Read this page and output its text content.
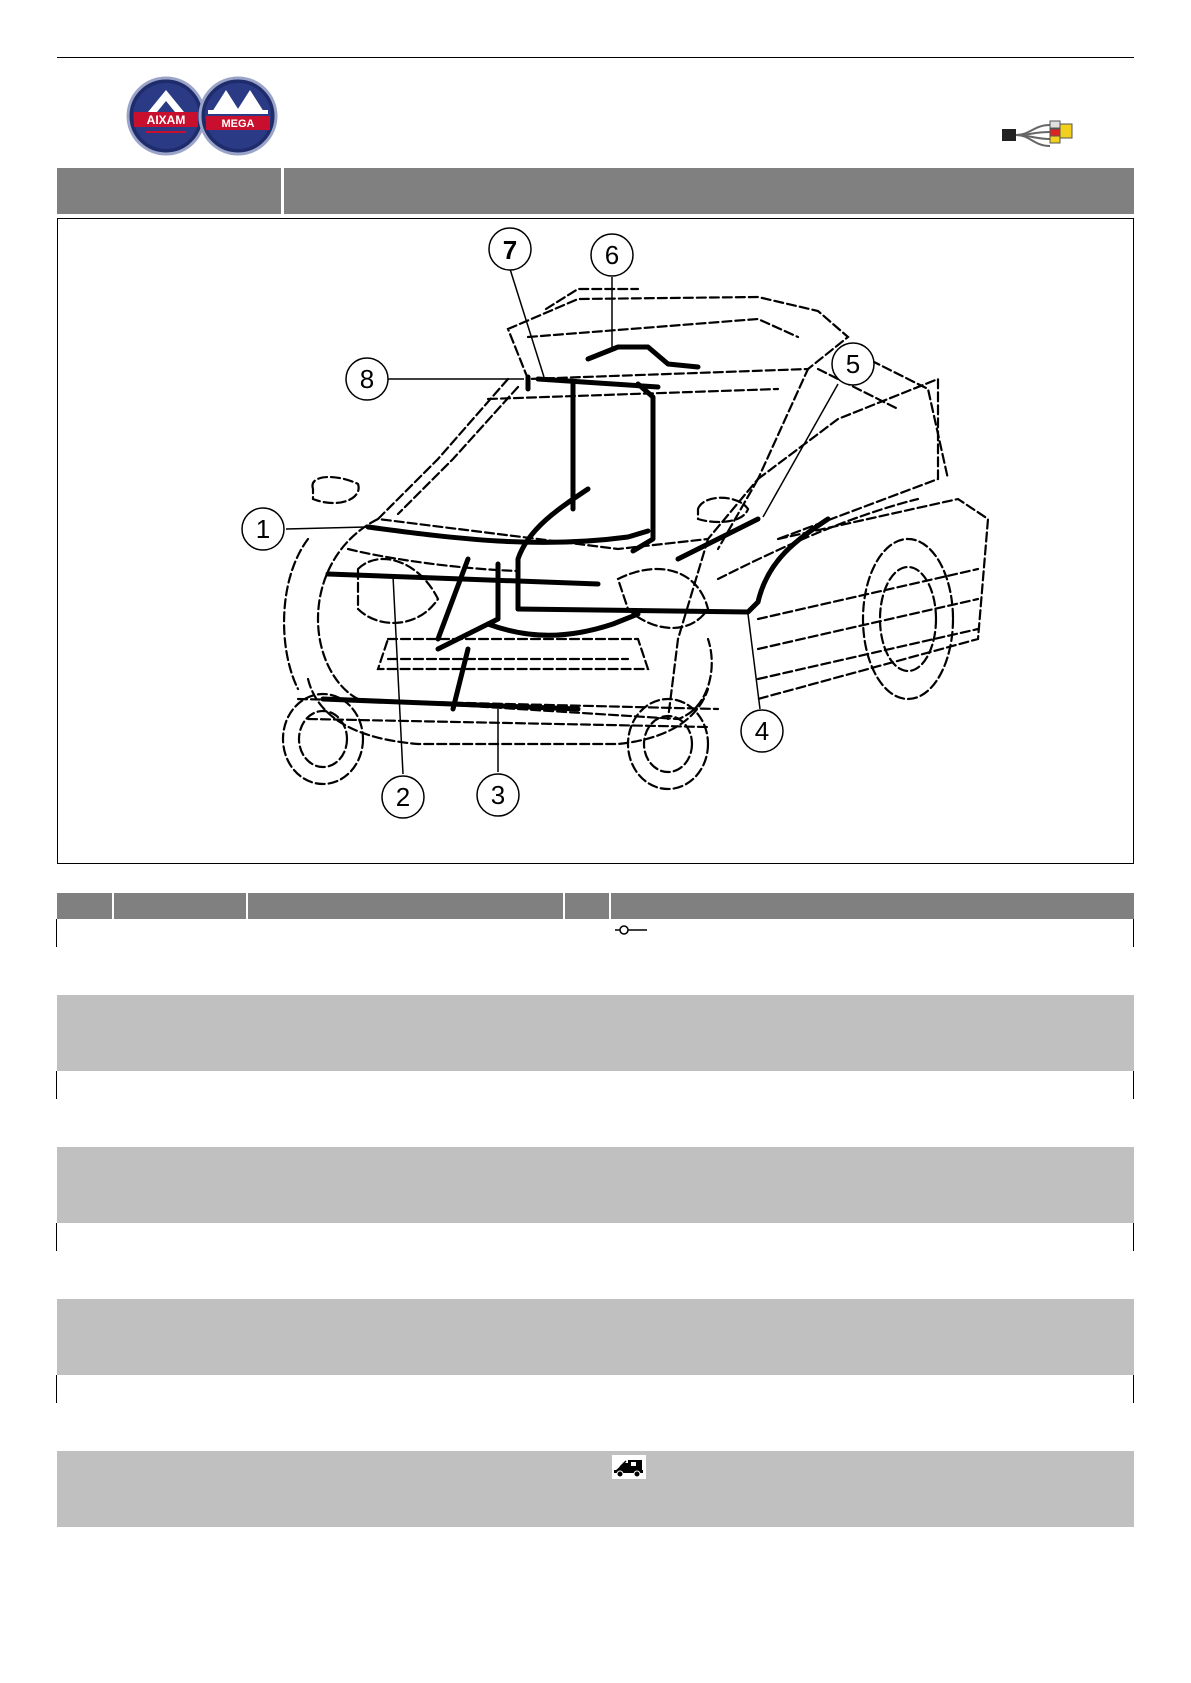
AIXAM	MEGA
1
2	3
4
5
6
7
8
